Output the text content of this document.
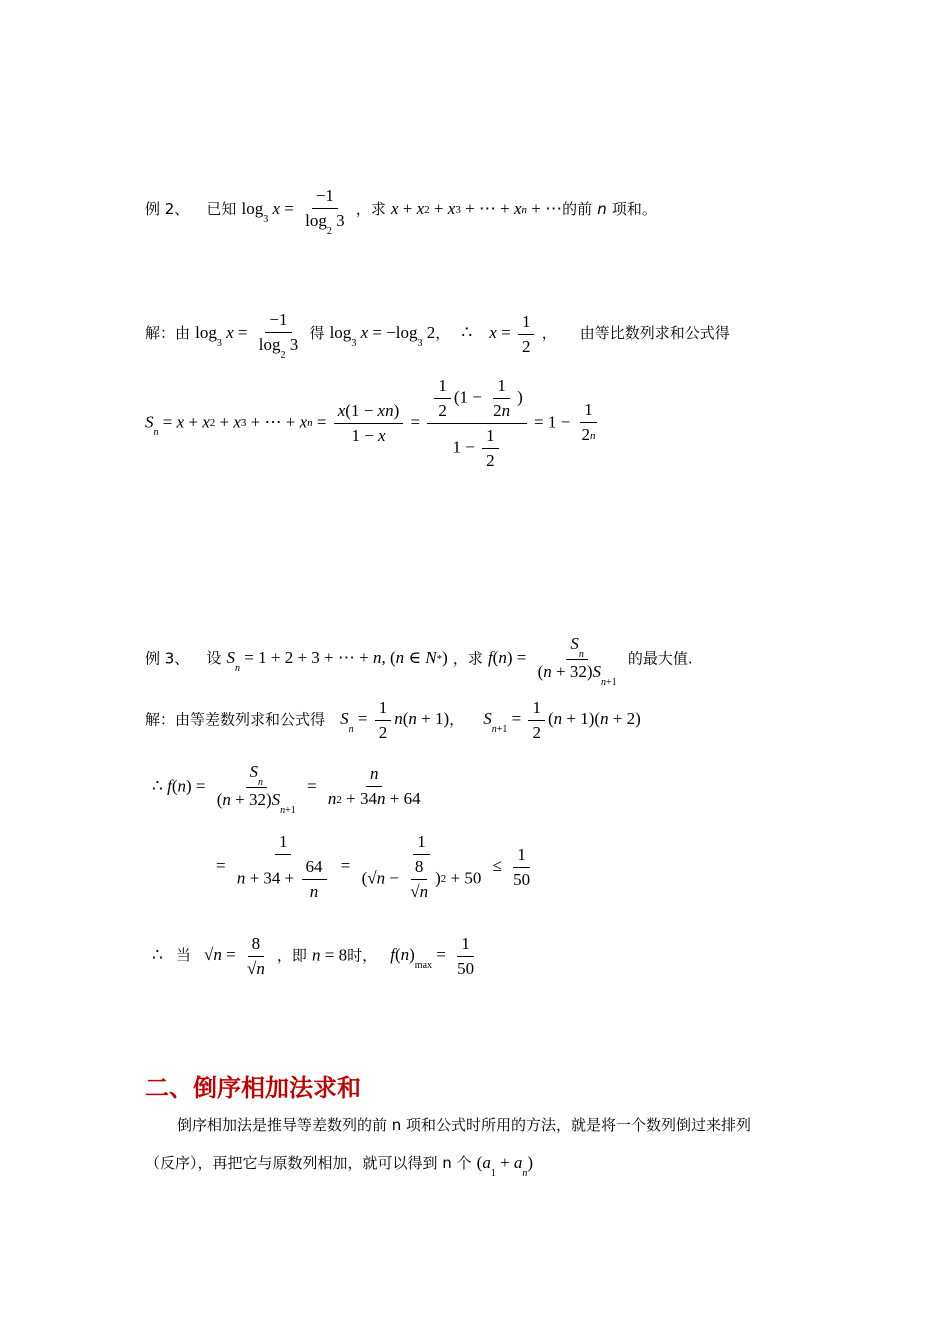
例 2、 已知 $\log_3 x = \frac{-1}{\log_2 3}$ ，求 x + x2 + x3 + ⋯ + xn + ⋯的前 n 项和。
解：由 $\log_3 x = \frac{-1}{\log_2 3}$ 得 $\log_3 x = -\log_3$ 2， ∴ $x = \frac{1}{2}$ ， 由等比数列求和公式得
$S_n = x + x2 + x3$ + ⋯ + xn = $\frac{x(1 - xn)}{1 - x} = \frac{\frac{1}{2} (1 - \frac{1}{2n} )}{1 - \frac{1}{2}} = 1 - \frac{1}{2n}$
例 3、 设 $S_n = 1 + 2 + 3$ + ⋯ + n, (n ∈ N*) ，求 $f(n) = \frac{S_n}{(n + 32)S_{n+1}}$ 的最大值.
解：由等差数列求和公式得 $S_n = \frac{1}{2} n(n + 1)$， $S_{n+1} = \frac{1}{2} (n + 1)(n + 2)$
∴ $f(n) = \frac{S_n}{(n + 32)S_{n+1}} = \frac{n}{n2 + 34n + 64}$
= $\frac{1}{n + 34 + \frac{64}{n}} = \frac{1}{(√n - \frac{8}{√n} )2 + 50} \le \frac{1}{50}$
∴ 当 $√n = \frac{8}{√n}$ ，即 n = 8时， $f(n)_{max} = \frac{1}{50}$
二、倒序相加法求和
倒序相加法是推导等差数列的前 n 项和公式时所用的方法，就是将一个数列倒过来排列
（反序），再把它与原数列相加，就可以得到 n 个 $(a_1 + a_n)$
